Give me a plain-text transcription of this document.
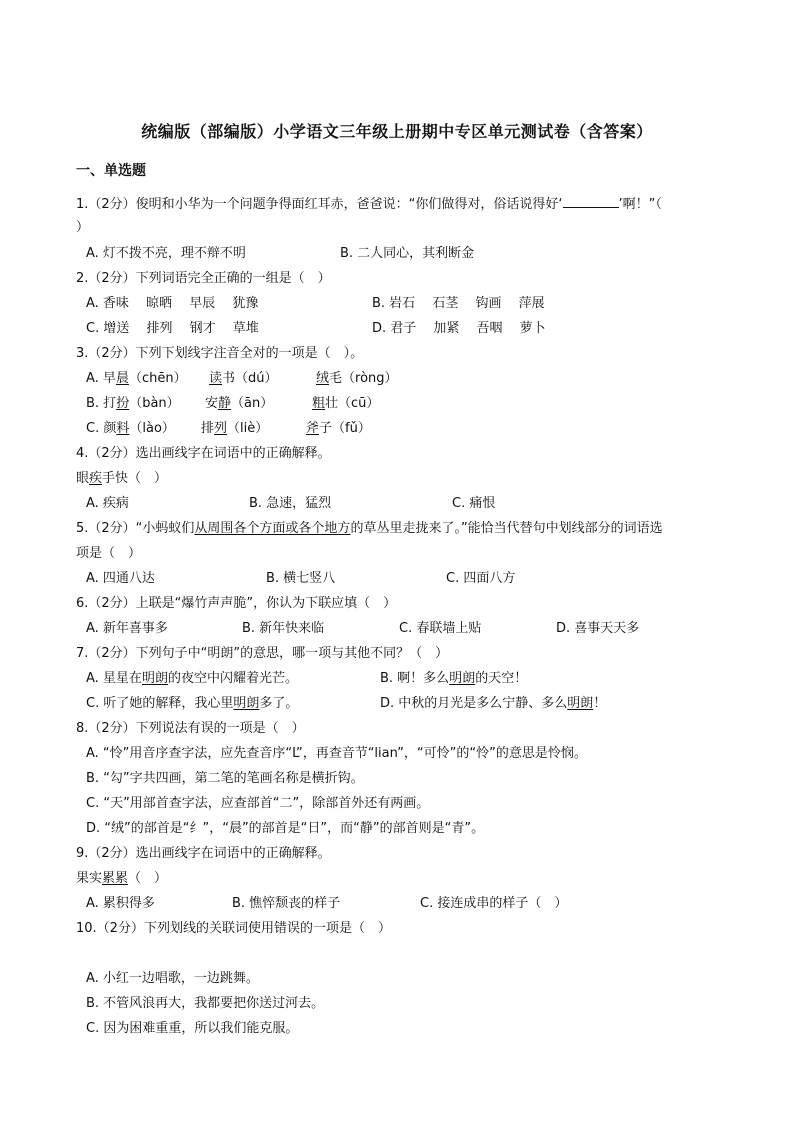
统编版（部编版）小学语文三年级上册期中专区单元测试卷（含答案）
一、单选题
1.（2分）俊明和小华为一个问题争得面红耳赤，爸爸说：“你们做得对，俗话说得好‘	’啊！”（
）
A. 灯不拨不亮，理不辩不明	B. 二人同心，其利断金
2.（2分）下列词语完全正确的一组是（　）
A. 香味　 晾晒　 早辰　 犹豫	B. 岩石　 石茎　 钩画　 萍展
C. 增送　 排列　 钢才　 草堆	D. 君子　 加紧　 吾咽　 萝卜
3.（2分）下列下划线字注音全对的一项是（　）。
A. 早晨（chēn） 读书（dú）	绒毛（ròng）
B. 打扮（bàn） 安静（ān）	粗壮（cū）
C. 颜料（lào） 排列（liè）	斧子（fǔ）
4.（2分）选出画线字在词语中的正确解释。
眼疾手快（　）
A. 疾病	B. 急速，猛烈	C. 痛恨
5.（2分）“小蚂蚁们从周围各个方面或各个地方的草丛里走拢来了。”能恰当代替句中划线部分的词语选
项是（　）
A. 四通八达	B. 横七竖八	C. 四面八方
6.（2分）上联是“爆竹声声脆”，你认为下联应填（　）
A. 新年喜事多	B. 新年快来临	C. 春联墙上贴	D. 喜事天天多
7.（2分）下列句子中“明朗”的意思，哪一项与其他不同？（　）
A. 星星在明朗的夜空中闪耀着光芒。	B. 啊！多么明朗的天空！
C. 听了她的解释，我心里明朗多了。	D. 中秋的月光是多么宁静、多么明朗！
8.（2分）下列说法有误的一项是（　）
A. “怜”用音序查字法，应先查音序“L”，再查音节“lian”，“可怜”的“怜”的意思是怜悯。
B. “勾”字共四画，第二笔的笔画名称是横折钩。
C. “天”用部首查字法，应查部首“二”，除部首外还有两画。
D. “绒”的部首是“纟”，“晨”的部首是“日”，而“静”的部首则是“青”。
9.（2分）选出画线字在词语中的正确解释。
果实累累（　）
A. 累积得多	B. 憔悴颓丧的样子	C. 接连成串的样子（　）
10.（2分）下列划线的关联词使用错误的一项是（　）
A. 小红一边唱歌，一边跳舞。
B. 不管风浪再大，我都要把你送过河去。
C. 因为困难重重，所以我们能克服。
